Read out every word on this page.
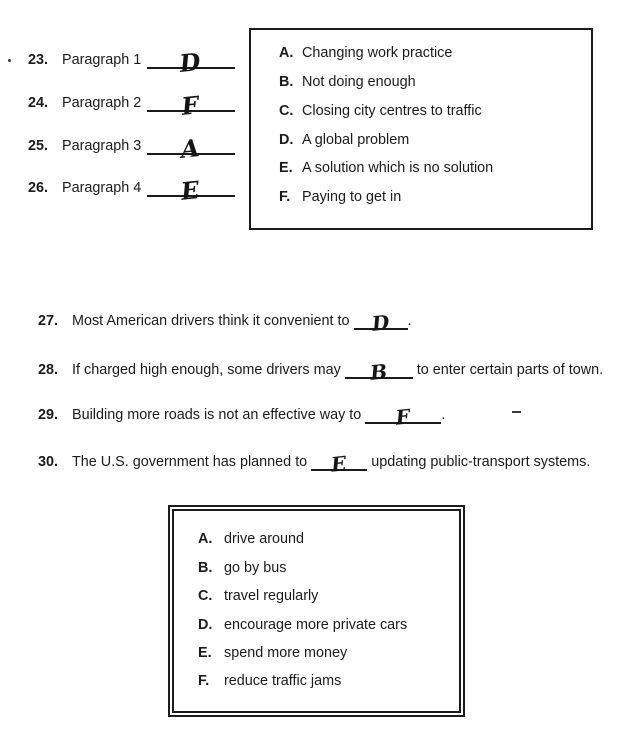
23. Paragraph 1 D
24. Paragraph 2 F
25. Paragraph 3 A
26. Paragraph 4 E
A. Changing work practice
B. Not doing enough
C. Closing city centres to traffic
D. A global problem
E. A solution which is no solution
F. Paying to get in

27. Most American drivers think it convenient to D .

28. If charged high enough, some drivers may B to enter certain parts of town.

29. Building more roads is not an effective way to F .

30. The U.S. government has planned to E updating public-transport systems.

A. drive around
B. go by bus
C. travel regularly
D. encourage more private cars
E. spend more money
F. reduce traffic jams
